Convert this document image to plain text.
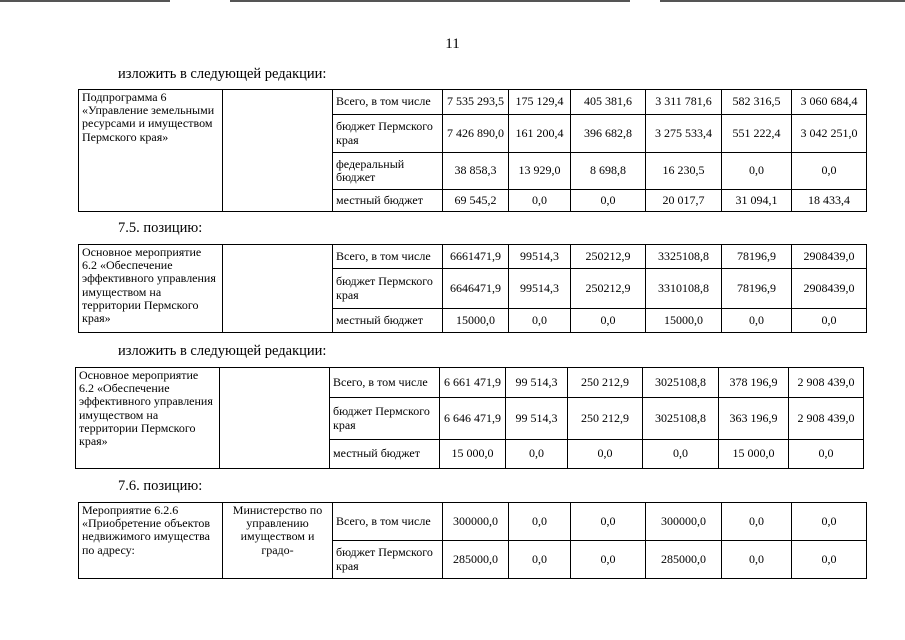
11
изложить в следующей редакции:
7.5. позицию:
изложить в следующей редакции:
7.6. позицию:
Подпрограмма 6 «Управление земельными ресурсами и имуществом Пермского края»		Всего, в том числе	7 535 293,5	175 129,4	405 381,6	3 311 781,6	582 316,5	3 060 684,4
		бюджет Пермского края	7 426 890,0	161 200,4	396 682,8	3 275 533,4	551 222,4	3 042 251,0
		федеральный бюджет	38 858,3	13 929,0	8 698,8	16 230,5	0,0	0,0
		местный бюджет	69 545,2	0,0	0,0	20 017,7	31 094,1	18 433,4
Основное мероприятие 6.2 «Обеспечение эффективного управления имуществом на территории Пермского края»		Всего, в том числе	6661471,9	99514,3	250212,9	3325108,8	78196,9	2908439,0
		бюджет Пермского края	6646471,9	99514,3	250212,9	3310108,8	78196,9	2908439,0
		местный бюджет	15000,0	0,0	0,0	15000,0	0,0	0,0
Основное мероприятие 6.2 «Обеспечение эффективного управления имуществом на территории Пермского края»		Всего, в том числе	6 661 471,9	99 514,3	250 212,9	3025108,8	378 196,9	2 908 439,0
		бюджет Пермского края	6 646 471,9	99 514,3	250 212,9	3025108,8	363 196,9	2 908 439,0
		местный бюджет	15 000,0	0,0	0,0	0,0	15 000,0	0,0
Мероприятие 6.2.6 «Приобретение объектов недвижимого имущества по адресу:	Министерство по управлению имуществом и градо-	Всего, в том числе	300000,0	0,0	0,0	300000,0	0,0	0,0
		бюджет Пермского края	285000,0	0,0	0,0	285000,0	0,0	0,0
